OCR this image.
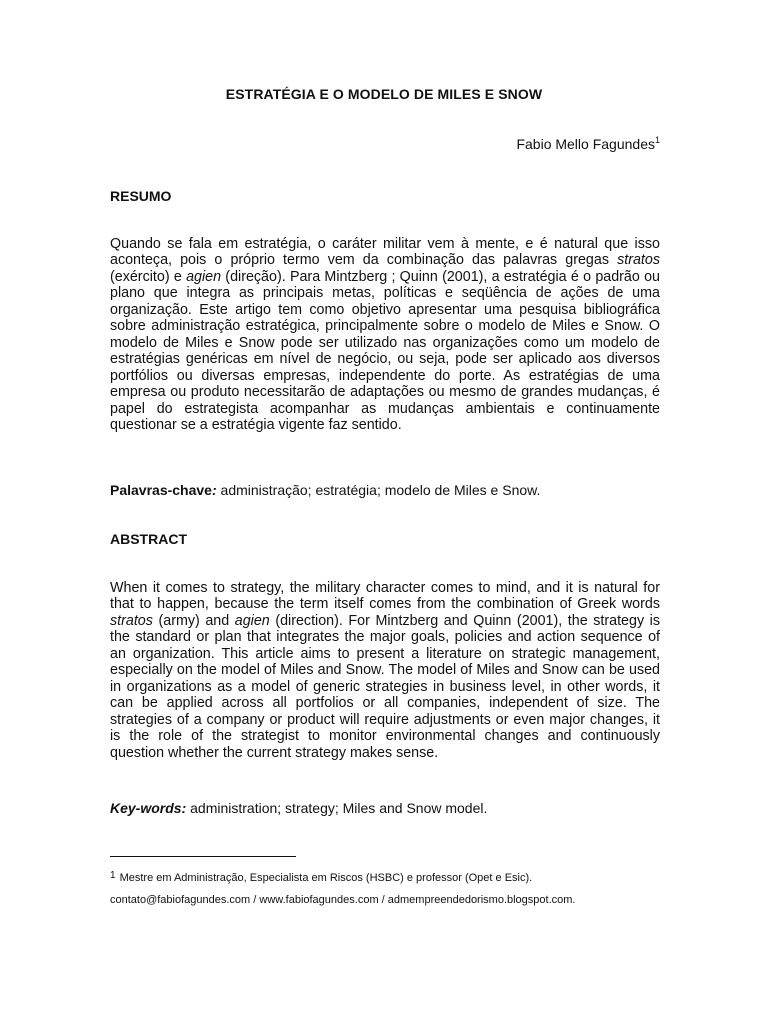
ESTRATÉGIA E O MODELO DE MILES E SNOW
Fabio Mello Fagundes$^1$
RESUMO
Quando se fala em estratégia, o caráter militar vem à mente, e é natural que isso aconteça, pois o próprio termo vem da combinação das palavras gregas stratos (exército) e agien (direção). Para Mintzberg ; Quinn (2001), a estratégia é o padrão ou plano que integra as principais metas, políticas e seqüência de ações de uma organização. Este artigo tem como objetivo apresentar uma pesquisa bibliográfica sobre administração estratégica, principalmente sobre o modelo de Miles e Snow. O modelo de Miles e Snow pode ser utilizado nas organizações como um modelo de estratégias genéricas em nível de negócio, ou seja, pode ser aplicado aos diversos portfólios ou diversas empresas, independente do porte. As estratégias de uma empresa ou produto necessitarão de adaptações ou mesmo de grandes mudanças, é papel do estrategista acompanhar as mudanças ambientais e continuamente questionar se a estratégia vigente faz sentido.
Palavras-chave: administração; estratégia; modelo de Miles e Snow.
ABSTRACT
When it comes to strategy, the military character comes to mind, and it is natural for that to happen, because the term itself comes from the combination of Greek words stratos (army) and agien (direction). For Mintzberg and Quinn (2001), the strategy is the standard or plan that integrates the major goals, policies and action sequence of an organization. This article aims to present a literature on strategic management, especially on the model of Miles and Snow. The model of Miles and Snow can be used in organizations as a model of generic strategies in business level, in other words, it can be applied across all portfolios or all companies, independent of size. The strategies of a company or product will require adjustments or even major changes, it is the role of the strategist to monitor environmental changes and continuously question whether the current strategy makes sense.
Key-words: administration; strategy; Miles and Snow model.
$^1$ Mestre em Administração, Especialista em Riscos (HSBC) e professor (Opet e Esic).
contato@fabiofagundes.com / www.fabiofagundes.com / admempreendedorismo.blogspot.com.
